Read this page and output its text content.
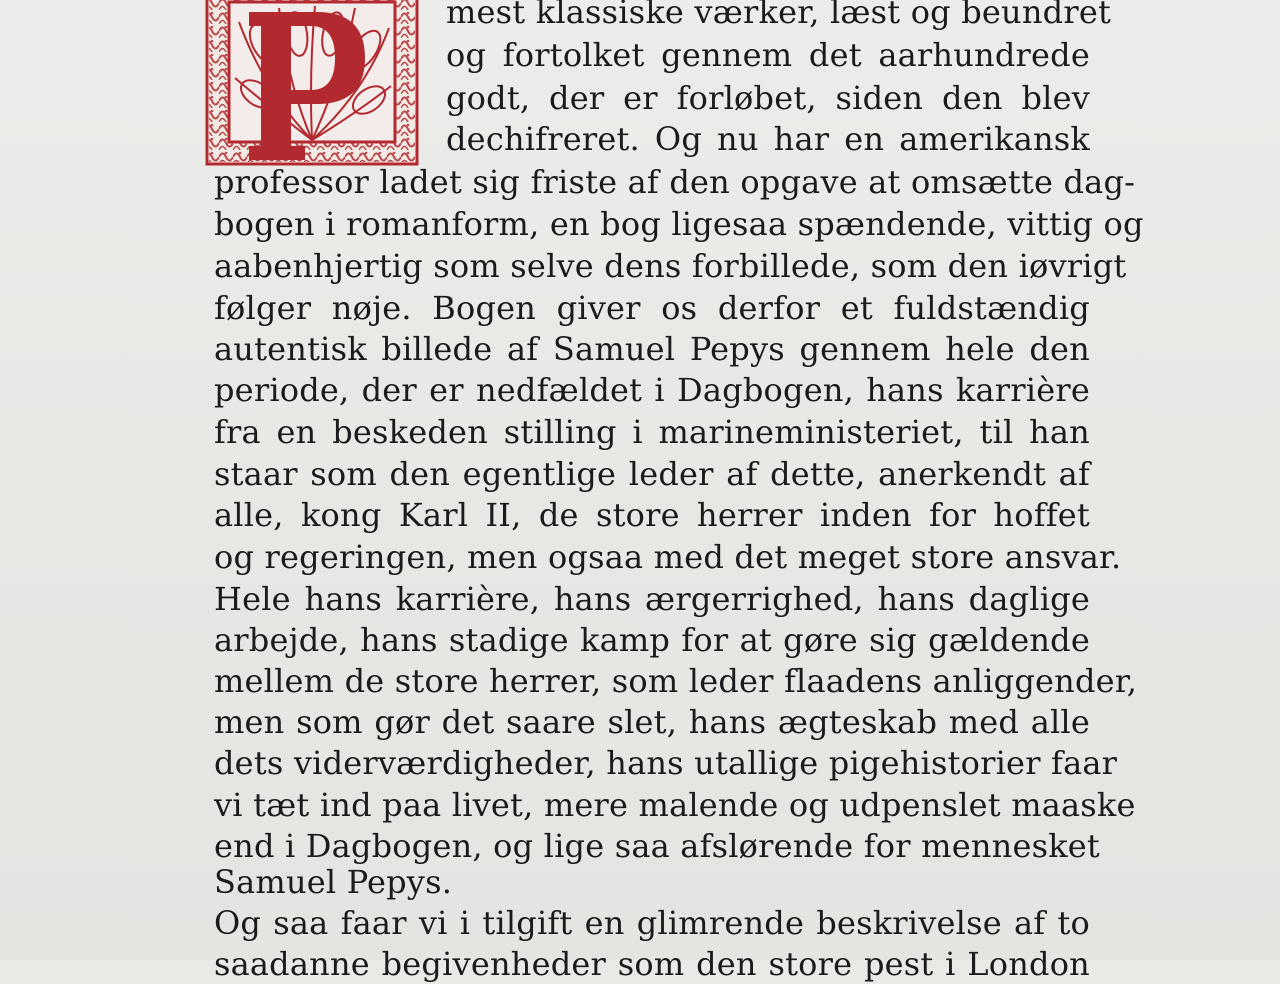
mest klassiske værker, læst og beundret
og fortolket gennem det aarhundrede
godt, der er forløbet, siden den blev
dechifreret. Og nu har en amerikansk
professor ladet sig friste af den opgave at omsætte dag-
bogen i romanform, en bog ligesaa spændende, vittig og
aabenhjertig som selve dens forbillede, som den iøvrigt
følger nøje. Bogen giver os derfor et fuldstændig
autentisk billede af Samuel Pepys gennem hele den
periode, der er nedfældet i Dagbogen, hans karrière
fra en beskeden stilling i marineministeriet, til han
staar som den egentlige leder af dette, anerkendt af
alle, kong Karl II, de store herrer inden for hoffet
og regeringen, men ogsaa med det meget store ansvar.
Hele hans karrière, hans ærgerrighed, hans daglige
arbejde, hans stadige kamp for at gøre sig gældende
mellem de store herrer, som leder flaadens anliggender,
men som gør det saare slet, hans ægteskab med alle
dets viderværdigheder, hans utallige pigehistorier faar
vi tæt ind paa livet, mere malende og udpenslet maaske
end i Dagbogen, og lige saa afslørende for mennesket
Samuel Pepys.
Og saa faar vi i tilgift en glimrende beskrivelse af to
saadanne begivenheder som den store pest i London
